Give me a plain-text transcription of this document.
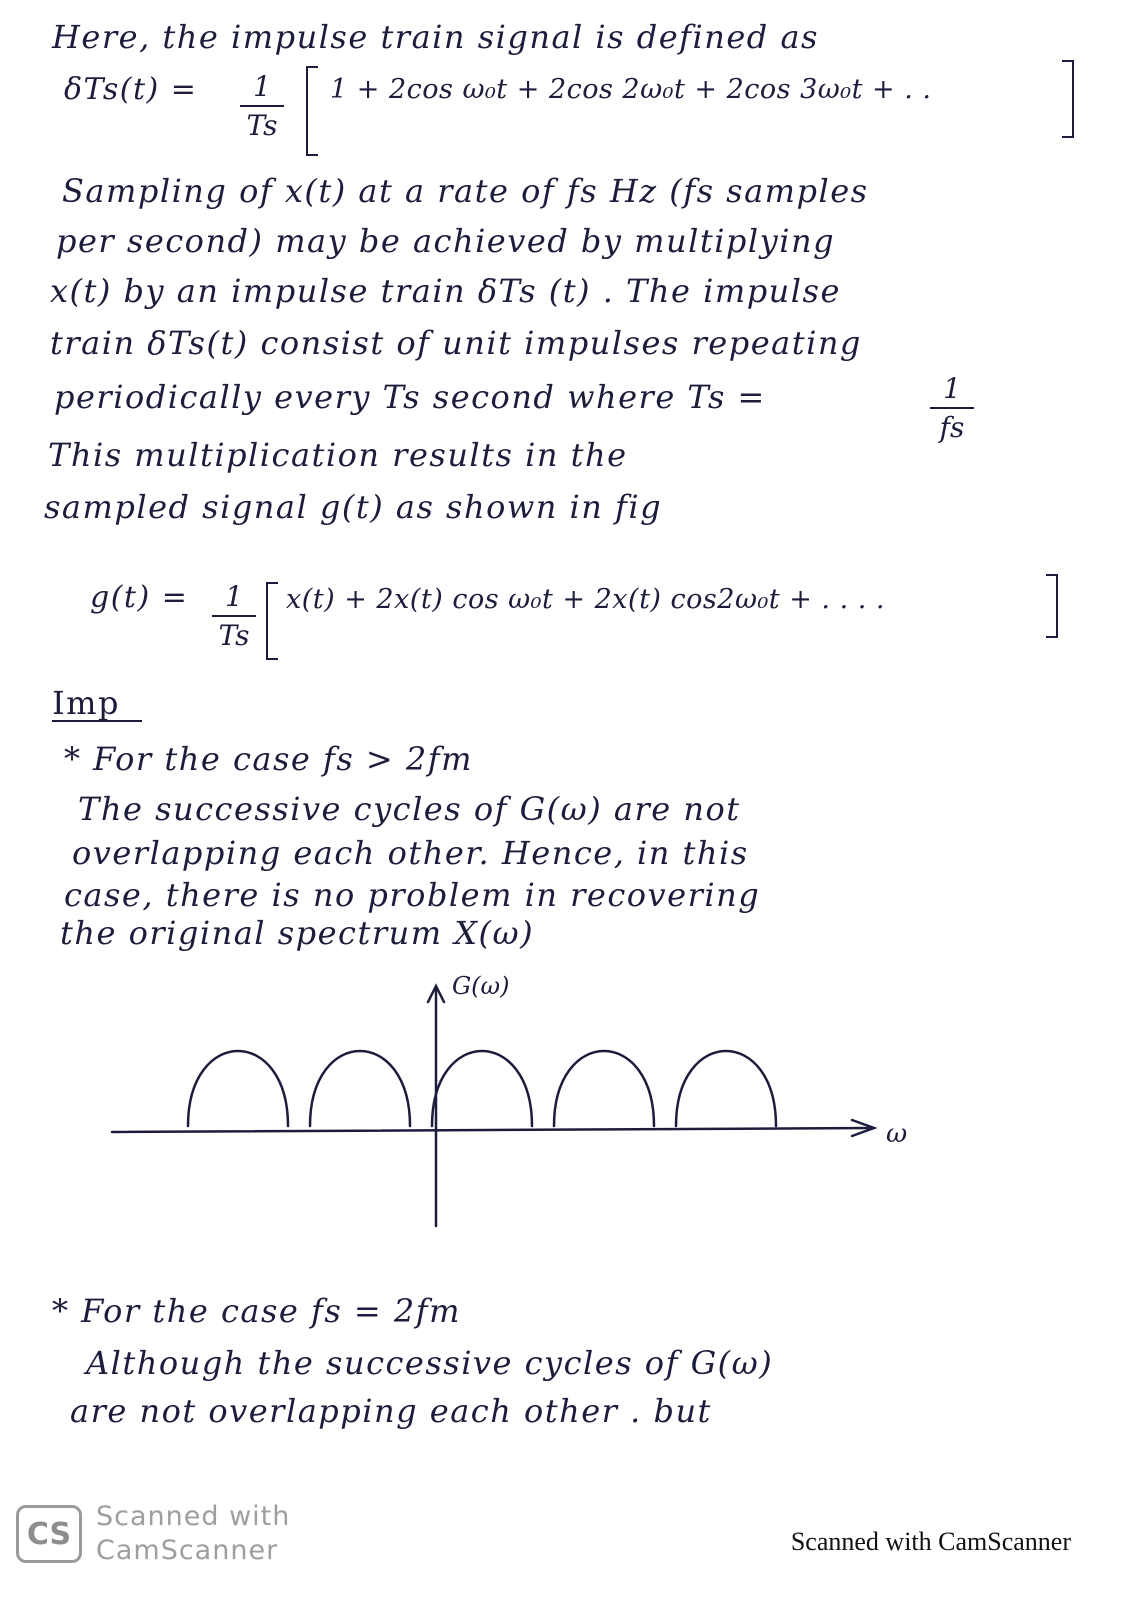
Here, the impulse train signal is defined as
δTs(t) =	1
Ts
1 + 2cos ω₀t + 2cos 2ω₀t + 2cos 3ω₀t + . .
Sampling of x(t) at a rate of fs Hz (fs samples
per second) may be achieved by multiplying
x(t) by an impulse train δTs (t) . The impulse
train δTs(t) consist of unit impulses repeating
periodically every Ts second where Ts =	1
fs
This multiplication results in the
sampled signal g(t) as shown in fig
g(t) =	1
Ts
x(t) + 2x(t) cos ω₀t + 2x(t) cos2ω₀t + . . . .
Imp
* For the case fs > 2fm
The successive cycles of G(ω) are not
overlapping each other. Hence, in this
case, there is no problem in recovering
the original spectrum X(ω)
G(ω)
ω
* For the case fs = 2fm
Although the successive cycles of G(ω)
are not overlapping each other . but
CS Scanned with
CamScanner	Scanned with CamScanner
